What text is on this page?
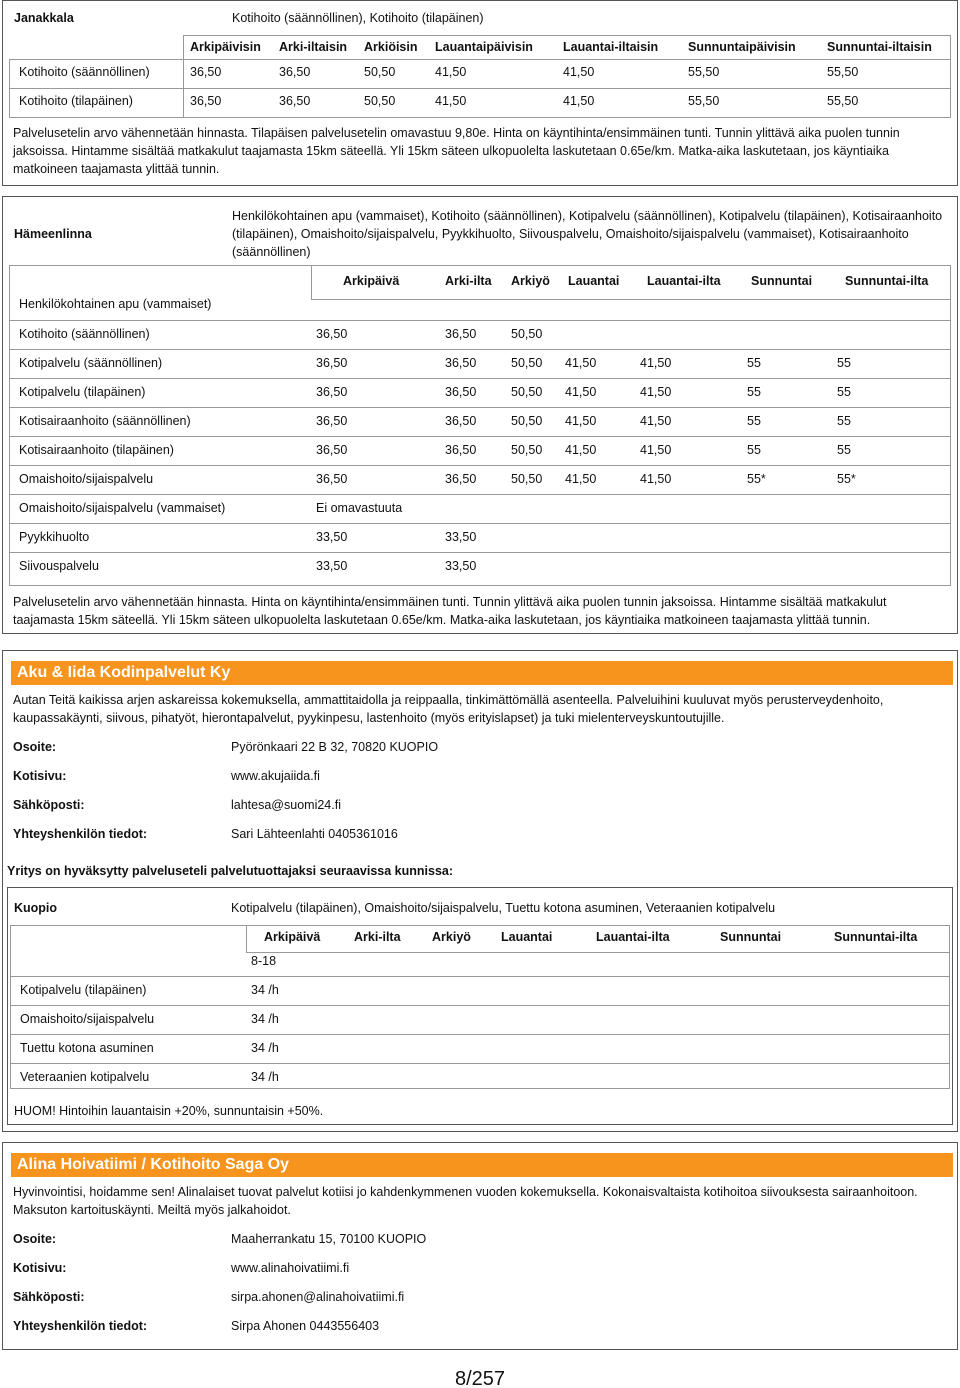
Janakkala	Kotihoito (säännöllinen), Kotihoito (tilapäinen)
Arkipäivisin Arki-iltaisin Arkiöisin Lauantaipäivisin Lauantai-iltaisin Sunnuntaipäivisin	Sunnuntai-iltaisin
Kotihoito (säännöllinen)	36,50	36,50	50,50	41,50	41,50	55,50	55,50
Kotihoito (tilapäinen)	36,50	36,50	50,50	41,50	41,50	55,50	55,50
Palvelusetelin arvo vähennetään hinnasta. Tilapäisen palvelusetelin omavastuu 9,80e. Hinta on käyntihinta/ensimmäinen tunti. Tunnin ylittävä aika puolen tunnin jaksoissa. Hintamme sisältää matkakulut taajamasta 15km säteellä. Yli 15km säteen ulkopuolelta laskutetaan 0.65e/km. Matka-aika laskutetaan, jos käyntiaika matkoineen taajamasta ylittää tunnin.
Hämeenlinna
Henkilökohtainen apu (vammaiset), Kotihoito (säännöllinen), Kotipalvelu (säännöllinen), Kotipalvelu (tilapäinen), Kotisairaanhoito (tilapäinen), Omaishoito/sijaispalvelu, Pyykkihuolto, Siivouspalvelu, Omaishoito/sijaispalvelu (vammaiset), Kotisairaanhoito (säännöllinen)
Arkipäivä	Arki-ilta Arkiyö Lauantai Lauantai-ilta Sunnuntai	Sunnuntai-ilta
Henkilökohtainen apu (vammaiset)
Kotihoito (säännöllinen)	36,50	36,50	50,50
Kotipalvelu (säännöllinen)	36,50	36,50	50,50 41,50	41,50	55	55
Kotipalvelu (tilapäinen)	36,50	36,50	50,50 41,50	41,50	55	55
Kotisairaanhoito (säännöllinen)	36,50	36,50	50,50 41,50	41,50	55	55
Kotisairaanhoito (tilapäinen)	36,50	36,50	50,50 41,50	41,50	55	55
Omaishoito/sijaispalvelu	36,50	36,50	50,50 41,50	41,50	55*	55*
Omaishoito/sijaispalvelu (vammaiset)	Ei omavastuuta
Pyykkihuolto	33,50	33,50
Siivouspalvelu	33,50	33,50
Palvelusetelin arvo vähennetään hinnasta. Hinta on käyntihinta/ensimmäinen tunti. Tunnin ylittävä aika puolen tunnin jaksoissa. Hintamme sisältää matkakulut taajamasta 15km säteellä. Yli 15km säteen ulkopuolelta laskutetaan 0.65e/km. Matka-aika laskutetaan, jos käyntiaika matkoineen taajamasta ylittää tunnin.
Aku & Iida Kodinpalvelut Ky
Autan Teitä kaikissa arjen askareissa kokemuksella, ammattitaidolla ja reippaalla, tinkimättömällä asenteella. Palveluihini kuuluvat myös perusterveydenhoito, kaupassakäynti, siivous, pihatyöt, hierontapalvelut, pyykinpesu, lastenhoito (myös erityislapset) ja tuki mielenterveyskuntoutujille.
Osoite:	Pyörönkaari 22 B 32, 70820 KUOPIO
Kotisivu:	www.akujaiida.fi
Sähköposti:	lahtesa@suomi24.fi
Yhteyshenkilön tiedot:	Sari Lähteenlahti 0405361016
Yritys on hyväksytty palveluseteli palvelutuottajaksi seuraavissa kunnissa:
Kuopio	Kotipalvelu (tilapäinen), Omaishoito/sijaispalvelu, Tuettu kotona asuminen, Veteraanien kotipalvelu
Arkipäivä	Arki-ilta	Arkiyö Lauantai	Lauantai-ilta	Sunnuntai	Sunnuntai-ilta
8-18
Kotipalvelu (tilapäinen)	34 /h
Omaishoito/sijaispalvelu	34 /h
Tuettu kotona asuminen	34 /h
Veteraanien kotipalvelu	34 /h
HUOM! Hintoihin lauantaisin +20%, sunnuntaisin +50%.
Alina Hoivatiimi / Kotihoito Saga Oy
Hyvinvointisi, hoidamme sen! Alinalaiset tuovat palvelut kotiisi jo kahdenkymmenen vuoden kokemuksella. Kokonaisvaltaista kotihoitoa siivouksesta sairaanhoitoon. Maksuton kartoituskäynti. Meiltä myös jalkahoidot.
Osoite:	Maaherrankatu 15, 70100 KUOPIO
Kotisivu:	www.alinahoivatiimi.fi
Sähköposti:	sirpa.ahonen@alinahoivatiimi.fi
Yhteyshenkilön tiedot:	Sirpa Ahonen 0443556403
8/257
